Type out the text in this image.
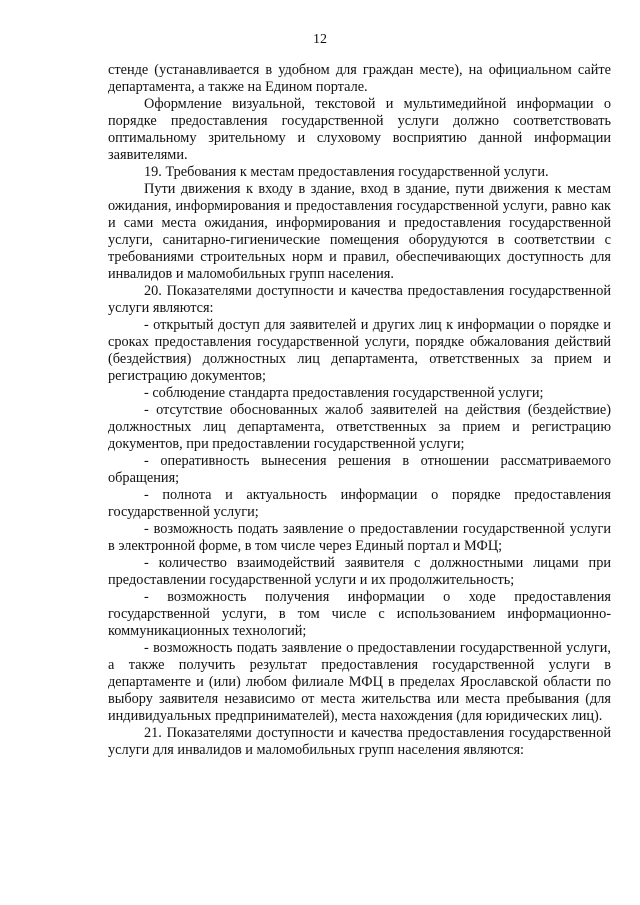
12

стенде (устанавливается в удобном для граждан месте), на официальном сайте департамента, а также на Едином портале.

Оформление визуальной, текстовой и мультимедийной информации о порядке предоставления государственной услуги должно соответствовать оптимальному зрительному и слуховому восприятию данной информации заявителями.

19. Требования к местам предоставления государственной услуги.

Пути движения к входу в здание, вход в здание, пути движения к местам ожидания, информирования и предоставления государственной услуги, равно как и сами места ожидания, информирования и предоставления государственной услуги, санитарно-гигиенические помещения оборудуются в соответствии с требованиями строительных норм и правил, обеспечивающих доступность для инвалидов и маломобильных групп населения.

20. Показателями доступности и качества предоставления государственной услуги являются:

- открытый доступ для заявителей и других лиц к информации о порядке и сроках предоставления государственной услуги, порядке обжалования действий (бездействия) должностных лиц департамента, ответственных за прием и регистрацию документов;

- соблюдение стандарта предоставления государственной услуги;

- отсутствие обоснованных жалоб заявителей на действия (бездействие) должностных лиц департамента, ответственных за прием и регистрацию документов, при предоставлении государственной услуги;

- оперативность вынесения решения в отношении рассматриваемого обращения;

- полнота и актуальность информации о порядке предоставления государственной услуги;

- возможность подать заявление о предоставлении государственной услуги в электронной форме, в том числе через Единый портал и МФЦ;

- количество взаимодействий заявителя с должностными лицами при предоставлении государственной услуги и их продолжительность;

- возможность получения информации о ходе предоставления государственной услуги, в том числе с использованием информационно-коммуникационных технологий;

- возможность подать заявление о предоставлении государственной услуги, а также получить результат предоставления государственной услуги в департаменте и (или) любом филиале МФЦ в пределах Ярославской области по выбору заявителя независимо от места жительства или места пребывания (для индивидуальных предпринимателей), места нахождения (для юридических лиц).

21. Показателями доступности и качества предоставления государственной услуги для инвалидов и маломобильных групп населения являются:
